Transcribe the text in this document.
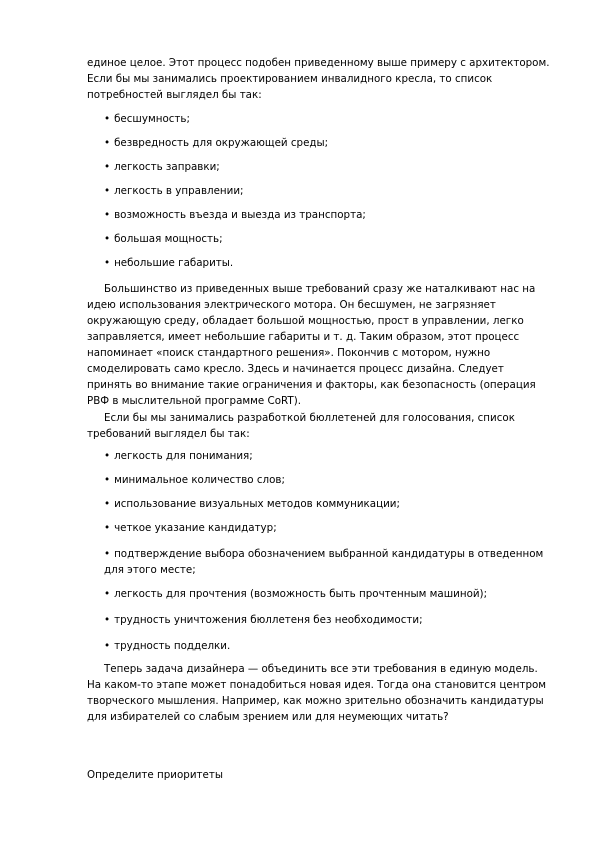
единое целое. Этот процесс подобен приведенному выше примеру с архитектором. Если бы мы занимались проектированием инвалидного кресла, то список потребностей выглядел бы так:

• бесшумность;

• безвредность для окружающей среды;

• легкость заправки;

• легкость в управлении;

• возможность въезда и выезда из транспорта;

• большая мощность;

• небольшие габариты.

Большинство из приведенных выше требований сразу же наталкивают нас на идею использования электрического мотора. Он бесшумен, не загрязняет окружающую среду, обладает большой мощностью, прост в управлении, легко заправляется, имеет небольшие габариты и т. д. Таким образом, этот процесс напоминает «поиск стандартного решения». Покончив с мотором, нужно смоделировать само кресло. Здесь и начинается процесс дизайна. Следует принять во внимание такие ограничения и факторы, как безопасность (операция РВФ в мыслительной программе CoRT).

Если бы мы занимались разработкой бюллетеней для голосования, список требований выглядел бы так:

• легкость для понимания;

• минимальное количество слов;

• использование визуальных методов коммуникации;

• четкое указание кандидатур;

• подтверждение выбора обозначением выбранной кандидатуры в отведенном для этого месте;

• легкость для прочтения (возможность быть прочтенным машиной);

• трудность уничтожения бюллетеня без необходимости;

• трудность подделки.

Теперь задача дизайнера — объединить все эти требования в единую модель. На каком-то этапе может понадобиться новая идея. Тогда она становится центром творческого мышления. Например, как можно зрительно обозначить кандидатуры для избирателей со слабым зрением или для неумеющих читать?

Определите приоритеты
